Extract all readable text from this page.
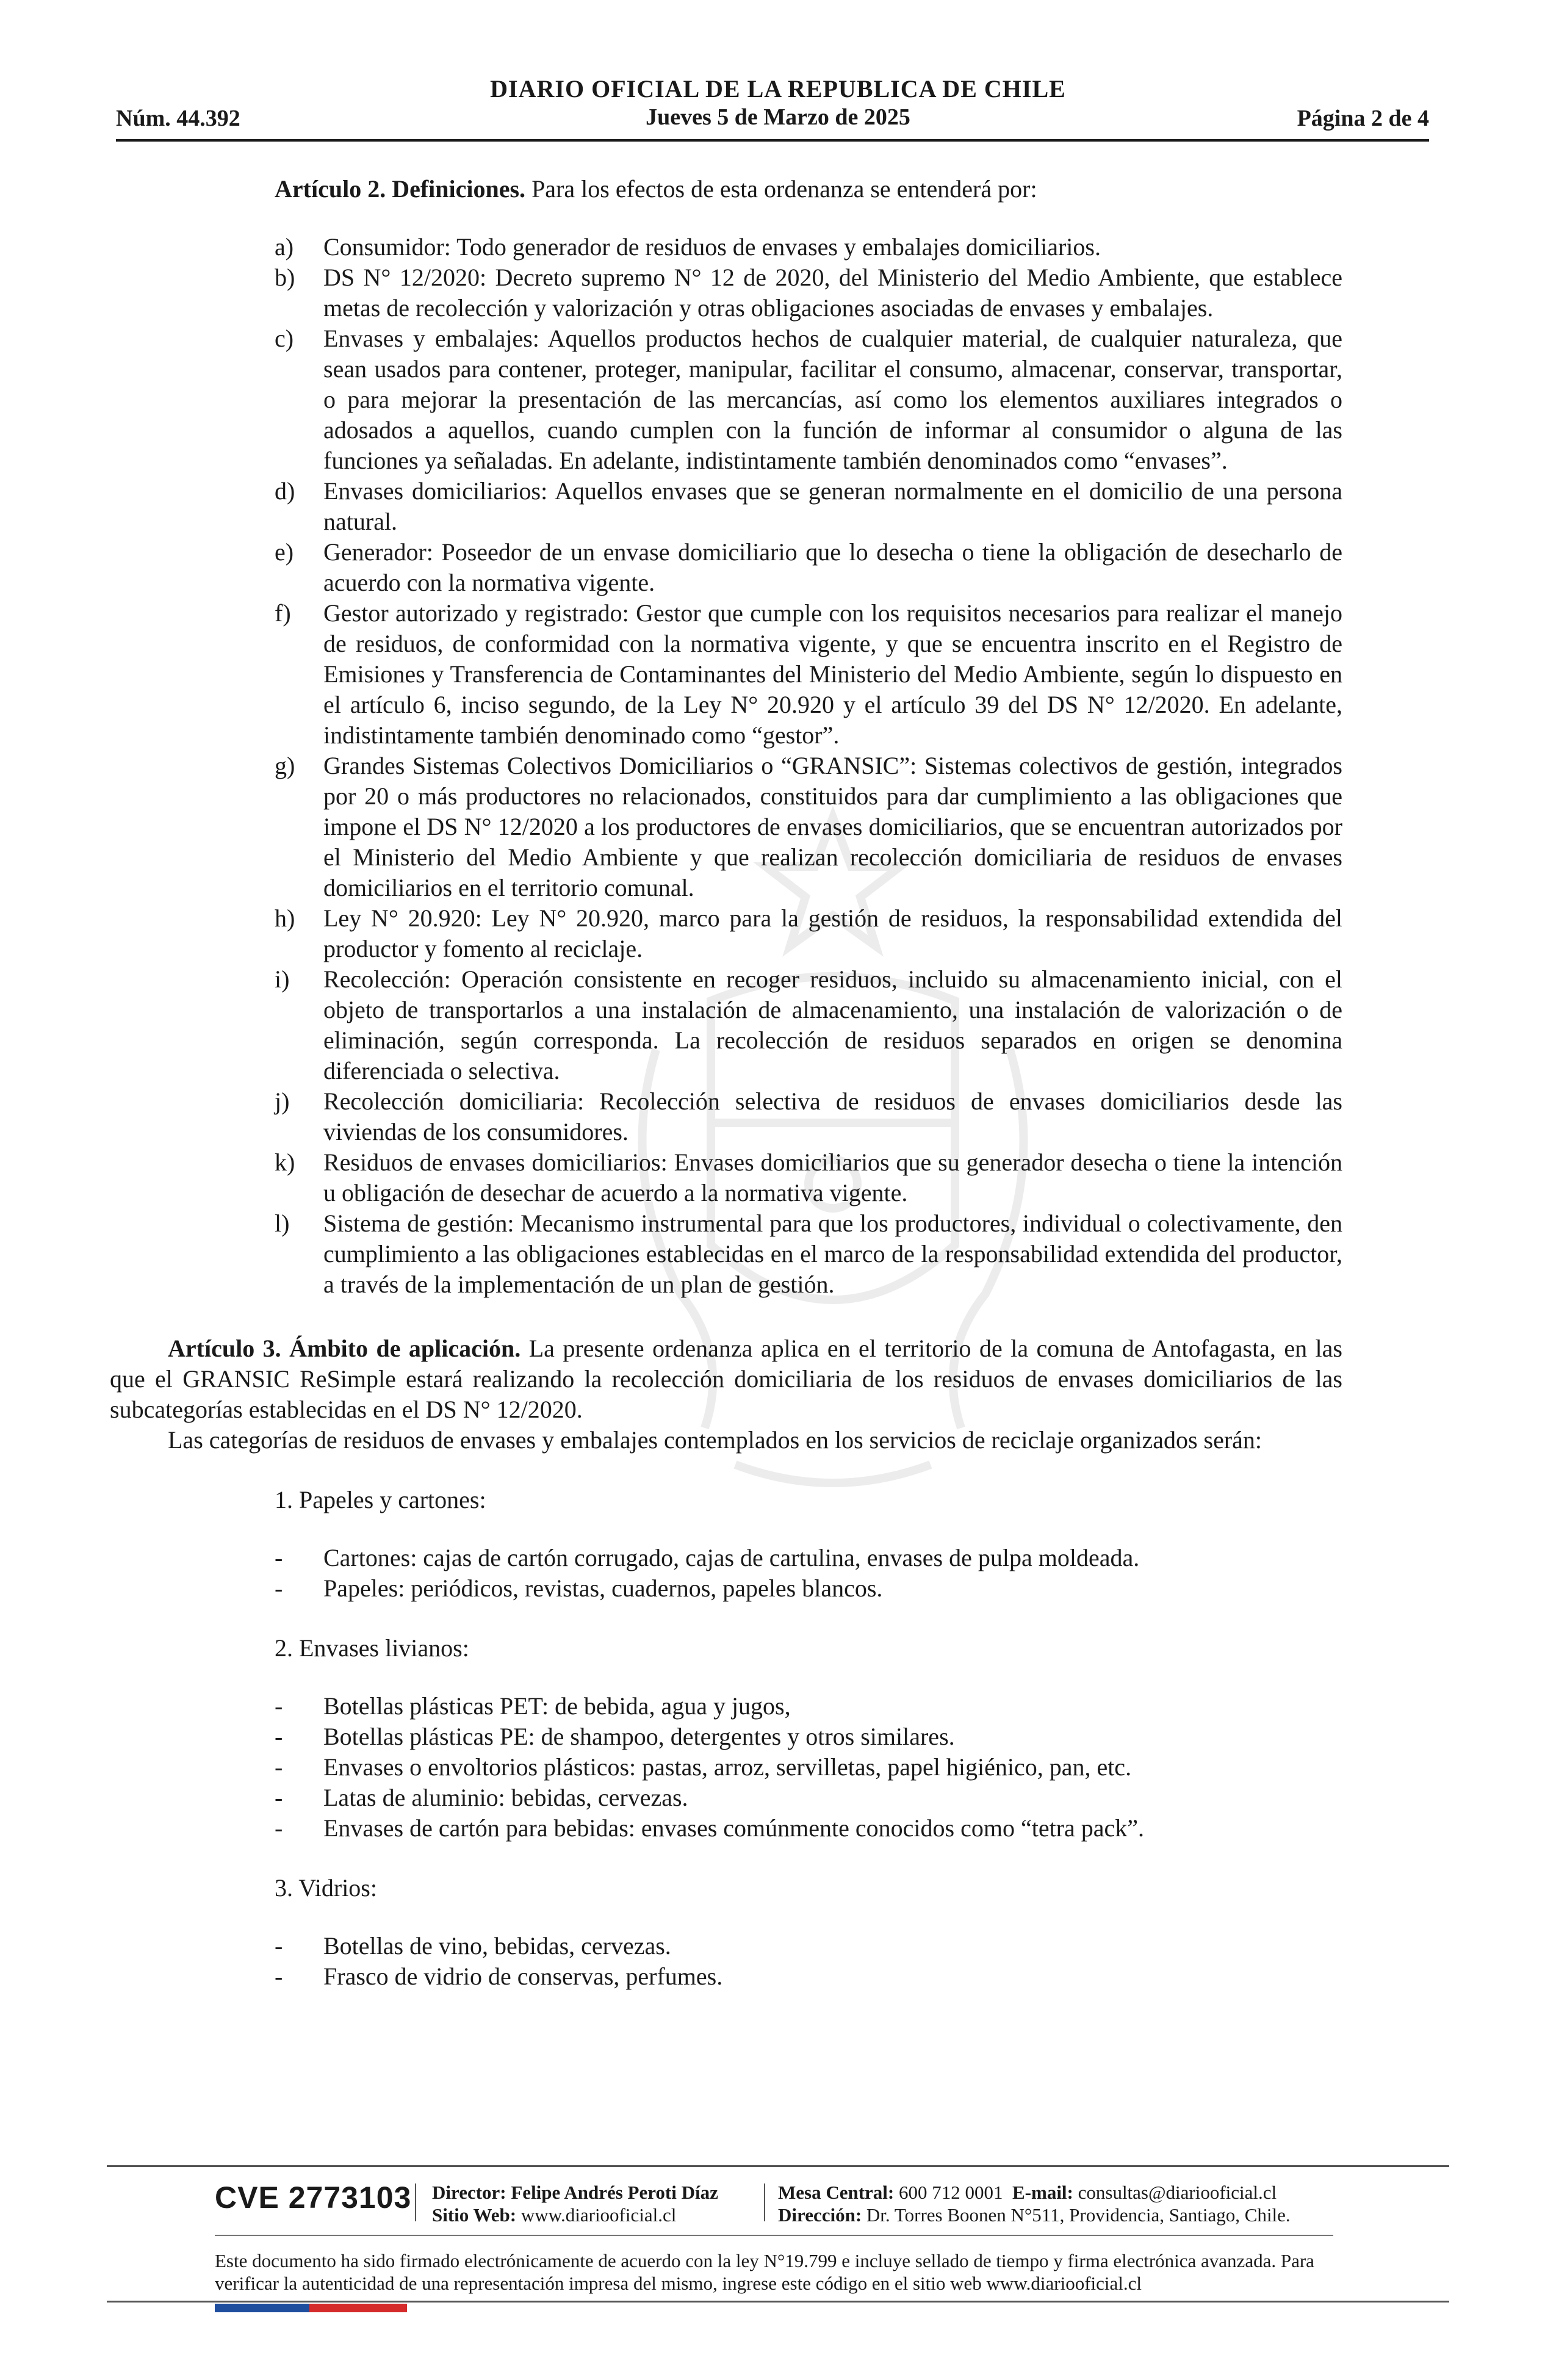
DIARIO OFICIAL DE LA REPUBLICA DE CHILE
Jueves 5 de Marzo de 2025
Núm. 44.392	Página 2 de 4

Artículo 2. Definiciones. Para los efectos de esta ordenanza se entenderá por:

a) Consumidor: Todo generador de residuos de envases y embalajes domiciliarios.
b) DS N° 12/2020: Decreto supremo N° 12 de 2020, del Ministerio del Medio Ambiente, que establece metas de recolección y valorización y otras obligaciones asociadas de envases y embalajes.
c) Envases y embalajes: Aquellos productos hechos de cualquier material, de cualquier naturaleza, que sean usados para contener, proteger, manipular, facilitar el consumo, almacenar, conservar, transportar, o para mejorar la presentación de las mercancías, así como los elementos auxiliares integrados o adosados a aquellos, cuando cumplen con la función de informar al consumidor o alguna de las funciones ya señaladas. En adelante, indistintamente también denominados como “envases”.
d) Envases domiciliarios: Aquellos envases que se generan normalmente en el domicilio de una persona natural.
e) Generador: Poseedor de un envase domiciliario que lo desecha o tiene la obligación de desecharlo de acuerdo con la normativa vigente.
f) Gestor autorizado y registrado: Gestor que cumple con los requisitos necesarios para realizar el manejo de residuos, de conformidad con la normativa vigente, y que se encuentra inscrito en el Registro de Emisiones y Transferencia de Contaminantes del Ministerio del Medio Ambiente, según lo dispuesto en el artículo 6, inciso segundo, de la Ley N° 20.920 y el artículo 39 del DS N° 12/2020. En adelante, indistintamente también denominado como “gestor”.
g) Grandes Sistemas Colectivos Domiciliarios o “GRANSIC”: Sistemas colectivos de gestión, integrados por 20 o más productores no relacionados, constituidos para dar cumplimiento a las obligaciones que impone el DS N° 12/2020 a los productores de envases domiciliarios, que se encuentran autorizados por el Ministerio del Medio Ambiente y que realizan recolección domiciliaria de residuos de envases domiciliarios en el territorio comunal.
h) Ley N° 20.920: Ley N° 20.920, marco para la gestión de residuos, la responsabilidad extendida del productor y fomento al reciclaje.
i) Recolección: Operación consistente en recoger residuos, incluido su almacenamiento inicial, con el objeto de transportarlos a una instalación de almacenamiento, una instalación de valorización o de eliminación, según corresponda. La recolección de residuos separados en origen se denomina diferenciada o selectiva.
j) Recolección domiciliaria: Recolección selectiva de residuos de envases domiciliarios desde las viviendas de los consumidores.
k) Residuos de envases domiciliarios: Envases domiciliarios que su generador desecha o tiene la intención u obligación de desechar de acuerdo a la normativa vigente.
l) Sistema de gestión: Mecanismo instrumental para que los productores, individual o colectivamente, den cumplimiento a las obligaciones establecidas en el marco de la responsabilidad extendida del productor, a través de la implementación de un plan de gestión.

Artículo 3. Ámbito de aplicación. La presente ordenanza aplica en el territorio de la comuna de Antofagasta, en las que el GRANSIC ReSimple estará realizando la recolección domiciliaria de los residuos de envases domiciliarios de las subcategorías establecidas en el DS N° 12/2020.

Las categorías de residuos de envases y embalajes contemplados en los servicios de reciclaje organizados serán:

1. Papeles y cartones:

- Cartones: cajas de cartón corrugado, cajas de cartulina, envases de pulpa moldeada.
- Papeles: periódicos, revistas, cuadernos, papeles blancos.

2. Envases livianos:

- Botellas plásticas PET: de bebida, agua y jugos,
- Botellas plásticas PE: de shampoo, detergentes y otros similares.
- Envases o envoltorios plásticos: pastas, arroz, servilletas, papel higiénico, pan, etc.
- Latas de aluminio: bebidas, cervezas.
- Envases de cartón para bebidas: envases comúnmente conocidos como “tetra pack”.

3. Vidrios:

- Botellas de vino, bebidas, cervezas.
- Frasco de vidrio de conservas, perfumes.
CVE 2773103 Director: Felipe Andrés Peroti Díaz
Sitio Web: www.diariooficial.cl
Mesa Central: 600 712 0001 E-mail: consultas@diariooficial.cl
Dirección: Dr. Torres Boonen N°511, Providencia, Santiago, Chile.
Este documento ha sido firmado electrónicamente de acuerdo con la ley N°19.799 e incluye sellado de tiempo y firma electrónica avanzada. Para verificar la autenticidad de una representación impresa del mismo, ingrese este código en el sitio web www.diariooficial.cl
